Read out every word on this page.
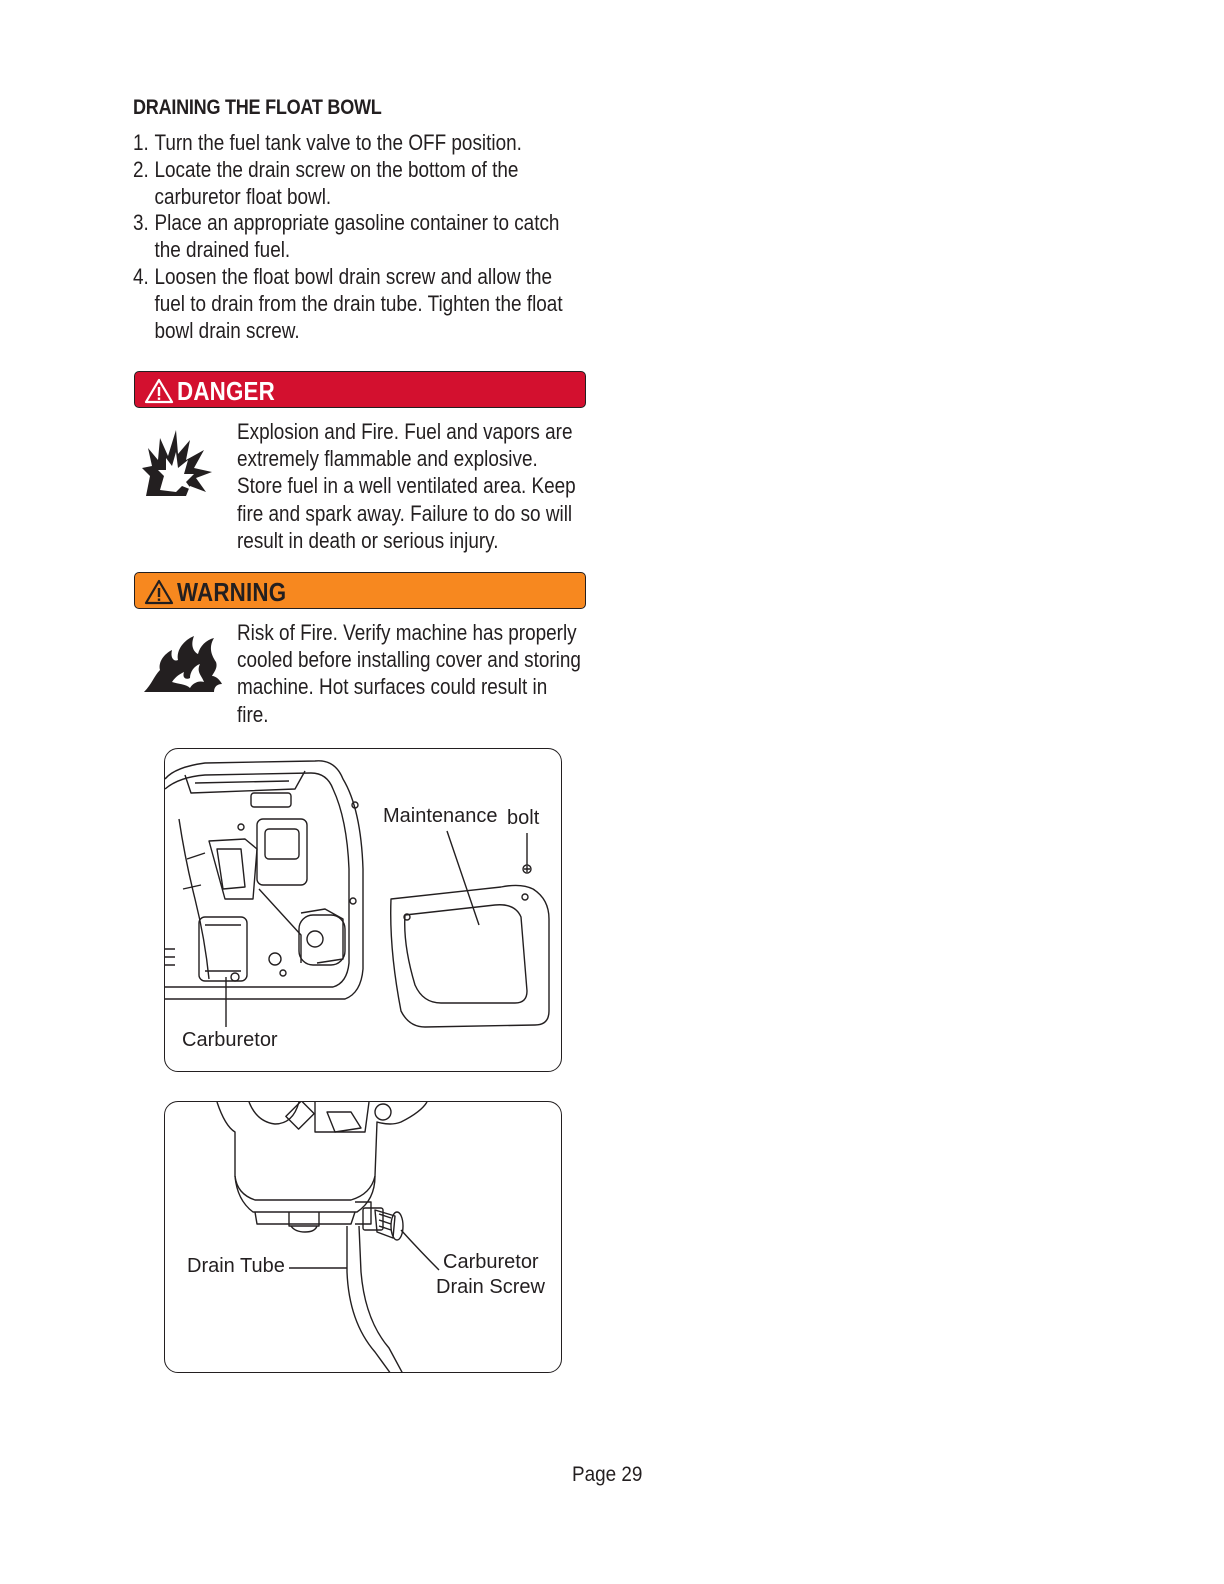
DRAINING THE FLOAT BOWL
1. Turn the fuel tank valve to the OFF position.
2. Locate the drain screw on the bottom of the carburetor float bowl.
3. Place an appropriate gasoline container to catch the drained fuel.
4. Loosen the float bowl drain screw and allow the fuel to drain from the drain tube. Tighten the float bowl drain screw.
DANGER
Explosion and Fire. Fuel and vapors are extremely flammable and explosive. Store fuel in a well ventilated area. Keep fire and spark away. Failure to do so will result in death or serious injury.
WARNING
Risk of Fire. Verify machine has properly cooled before installing cover and storing machine. Hot surfaces could result in fire.
Maintenance bolt
Carburetor
Drain Tube	Carburetor
Drain Screw
Page 29
